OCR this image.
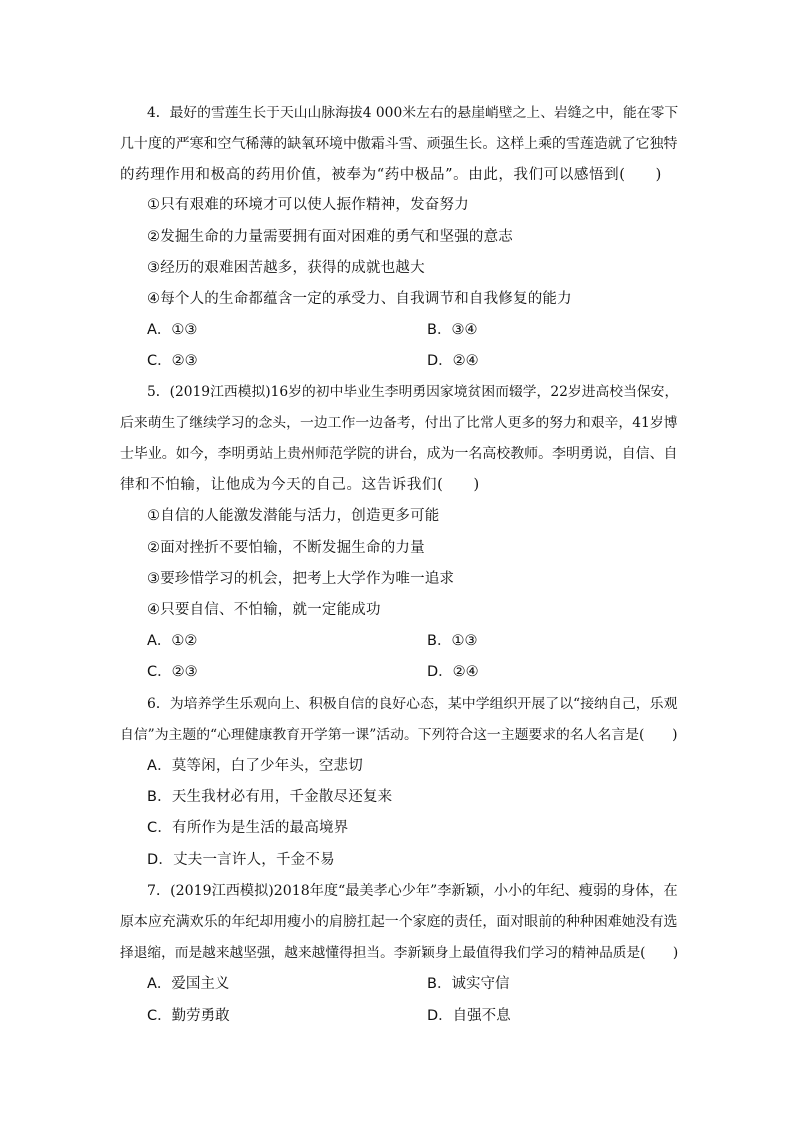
4．最好的雪莲生长于天山山脉海拔4 000米左右的悬崖峭壁之上、岩缝之中，能在零下
几十度的严寒和空气稀薄的缺氧环境中傲霜斗雪、顽强生长。这样上乘的雪莲造就了它独特
的药理作用和极高的药用价值，被奉为“药中极品”。由此，我们可以感悟到(　　)
①只有艰难的环境才可以使人振作精神，发奋努力
②发掘生命的力量需要拥有面对困难的勇气和坚强的意志
③经历的艰难困苦越多，获得的成就也越大
④每个人的生命都蕴含一定的承受力、自我调节和自我修复的能力
A．①③	B．③④
C．②③	D．②④
5．(2019江西模拟)16岁的初中毕业生李明勇因家境贫困而辍学，22岁进高校当保安，
后来萌生了继续学习的念头，一边工作一边备考，付出了比常人更多的努力和艰辛，41岁博
士毕业。如今，李明勇站上贵州师范学院的讲台，成为一名高校教师。李明勇说，自信、自
律和不怕输，让他成为今天的自己。这告诉我们(　　)
①自信的人能激发潜能与活力，创造更多可能
②面对挫折不要怕输，不断发掘生命的力量
③要珍惜学习的机会，把考上大学作为唯一追求
④只要自信、不怕输，就一定能成功
A．①②	B．①③
C．②③	D．②④
6．为培养学生乐观向上、积极自信的良好心态，某中学组织开展了以“接纳自己，乐观
自信”为主题的“心理健康教育开学第一课”活动。下列符合这一主题要求的名人名言是(　　)
A．莫等闲，白了少年头，空悲切
B．天生我材必有用，千金散尽还复来
C．有所作为是生活的最高境界
D．丈夫一言许人，千金不易
7．(2019江西模拟)2018年度“最美孝心少年”李新颖，小小的年纪、瘦弱的身体，在
原本应充满欢乐的年纪却用瘦小的肩膀扛起一个家庭的责任，面对眼前的种种困难她没有选
择退缩，而是越来越坚强，越来越懂得担当。李新颖身上最值得我们学习的精神品质是(　　)
A．爱国主义	B．诚实守信
C．勤劳勇敢	D．自强不息
